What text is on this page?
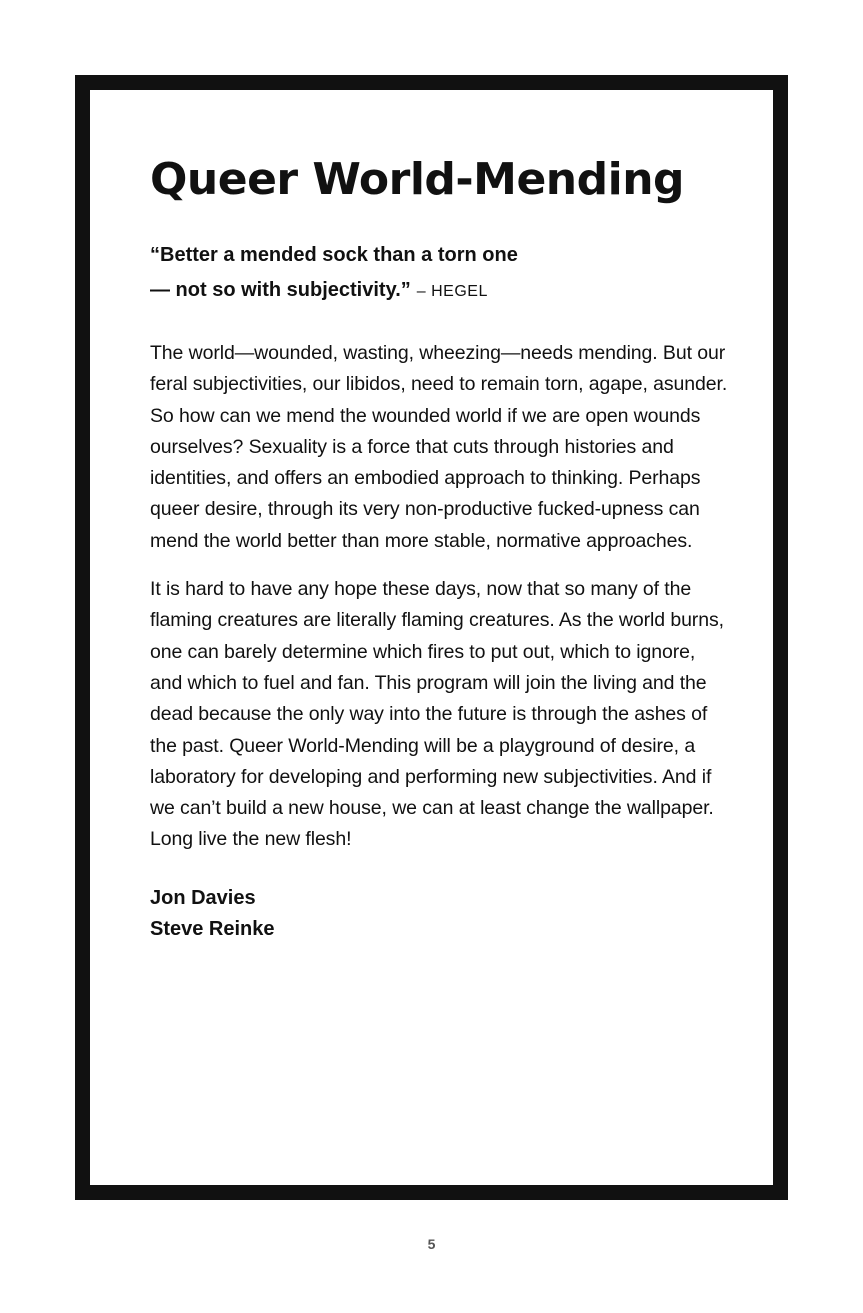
Queer World-Mending
“Better a mended sock than a torn one
— not so with subjectivity.” – HEGEL

The world—wounded, wasting, wheezing—needs mending. But our feral subjectivities, our libidos, need to remain torn, agape, asunder. So how can we mend the wounded world if we are open wounds ourselves? Sexuality is a force that cuts through histories and identities, and offers an embodied approach to thinking. Perhaps queer desire, through its very non-productive fucked-upness can mend the world better than more stable, normative approaches.

It is hard to have any hope these days, now that so many of the flaming creatures are literally flaming creatures. As the world burns, one can barely determine which fires to put out, which to ignore, and which to fuel and fan. This program will join the living and the dead because the only way into the future is through the ashes of the past. Queer World-Mending will be a playground of desire, a laboratory for developing and performing new subjectivities. And if we can’t build a new house, we can at least change the wallpaper. Long live the new flesh!

Jon Davies
Steve Reinke
5
